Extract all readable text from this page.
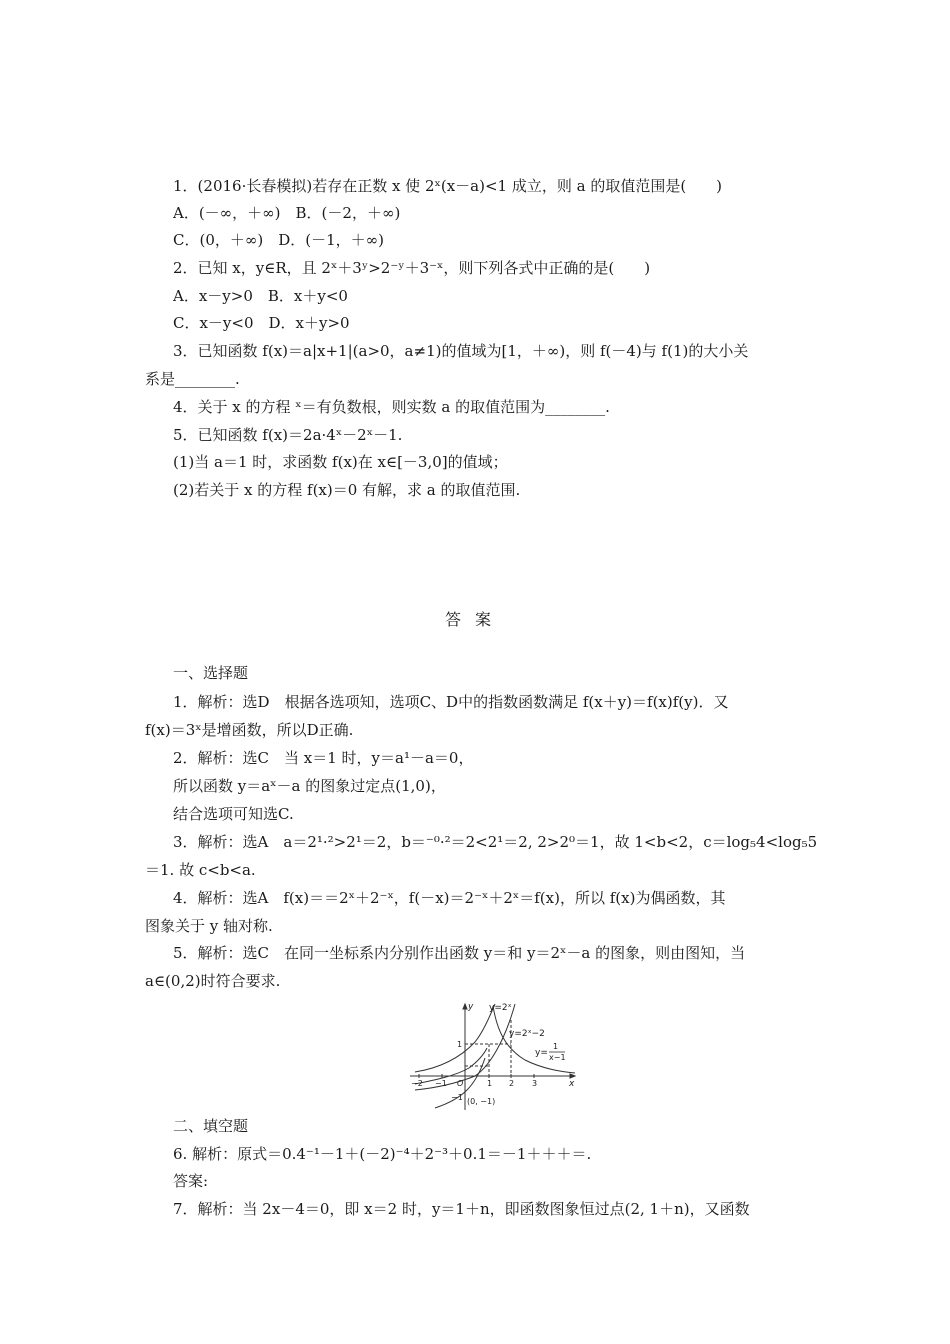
1．(2016·长春模拟)若存在正数 x 使 2ˣ(x－a)<1 成立，则 a 的取值范围是(　　)
A．(－∞，＋∞)　B．(－2，＋∞)
C．(0，＋∞)　D．(－1，＋∞)
2．已知 x，y∈R，且 2ˣ＋3ʸ>2⁻ʸ＋3⁻ˣ，则下列各式中正确的是(　　)
A．x－y>0　B．x＋y<0
C．x－y<0　D．x＋y>0
3．已知函数 f(x)＝a|x+1|(a>0，a≠1)的值域为[1，＋∞)，则 f(－4)与 f(1)的大小关
系是________.
4．关于 x 的方程 ˣ＝有负数根，则实数 a 的取值范围为________.
5．已知函数 f(x)＝2a·4ˣ－2ˣ－1.
(1)当 a＝1 时，求函数 f(x)在 x∈[－3,0]的值域；
(2)若关于 x 的方程 f(x)＝0 有解，求 a 的取值范围.
答案
一、选择题
1．解析：选D　根据各选项知，选项C、D中的指数函数满足 f(x＋y)＝f(x)f(y)．又
f(x)＝3ˣ是增函数，所以D正确.
2．解析：选C　当 x＝1 时，y＝a¹－a＝0，
所以函数 y＝aˣ－a 的图象过定点(1,0)，
结合选项可知选C.
3．解析：选A　a＝2¹·²>2¹＝2，b＝⁻⁰·²＝2<2¹＝2, 2>2⁰＝1，故 1<b<2，c＝log₅4<log₅5
＝1. 故 c<b<a.
4．解析：选A　f(x)＝＝2ˣ＋2⁻ˣ，f(－x)＝2⁻ˣ＋2ˣ＝f(x)，所以 f(x)为偶函数，其
图象关于 y 轴对称.
5．解析：选C　在同一坐标系内分别作出函数 y＝和 y＝2ˣ－a 的图象，则由图知，当
a∈(0,2)时符合要求.
y=2ˣ
y=2ˣ−2
y=
1
x−1
x
y
−2 −1 O	1 2 3
1
−1 (0, −1)
二、填空题
6. 解析：原式＝0.4⁻¹－1＋(－2)⁻⁴＋2⁻³＋0.1＝－1＋＋＋＝.
答案:
7．解析：当 2x－4＝0，即 x＝2 时，y＝1＋n，即函数图象恒过点(2, 1＋n)，又函数
